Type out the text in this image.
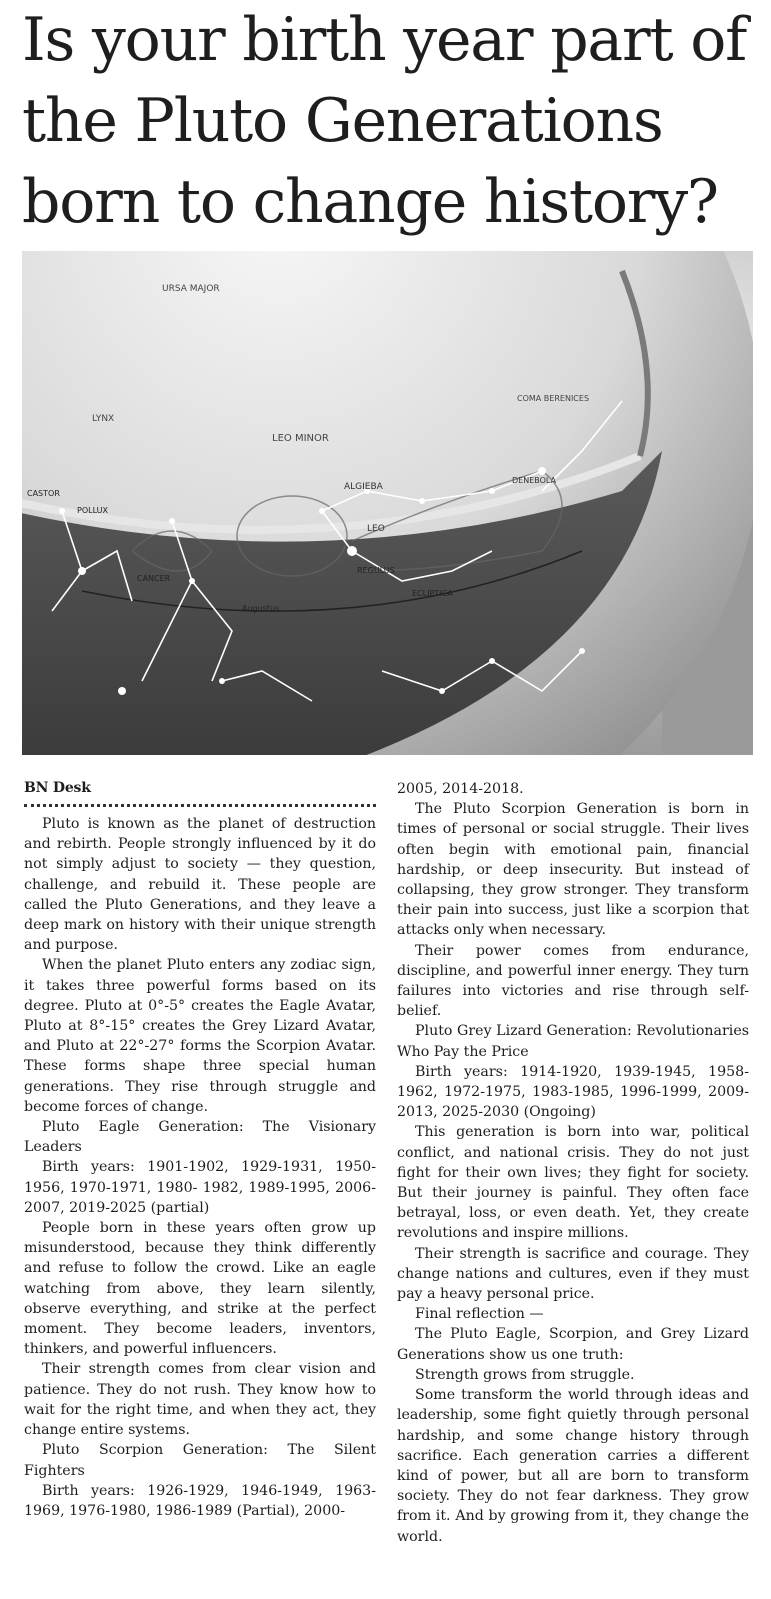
Is your birth year part of the Pluto Generations born to change history?
URSA MAJOR
LYNX
LEO MINOR
COMA BERENICES
ALGIEBA
DENEBOLA
LEO
REGULUS
ECLIPTICA
CANCER
POLLUX
CASTOR
Augustus
BN Desk

Pluto is known as the planet of destruction and rebirth. People strongly influenced by it do not simply adjust to society — they question, challenge, and rebuild it. These people are called the Pluto Generations, and they leave a deep mark on history with their unique strength and purpose.

When the planet Pluto enters any zodiac sign, it takes three powerful forms based on its degree. Pluto at 0°-5° creates the Eagle Avatar, Pluto at 8°-15° creates the Grey Lizard Avatar, and Pluto at 22°-27° forms the Scorpion Avatar. These forms shape three special human generations. They rise through struggle and become forces of change.

Pluto Eagle Generation: The Visionary Leaders

Birth years: 1901-1902, 1929-1931, 1950-1956, 1970-1971, 1980- 1982, 1989-1995, 2006-2007, 2019-2025 (partial)

People born in these years often grow up misunderstood, because they think differently and refuse to follow the crowd. Like an eagle watching from above, they learn silently, observe everything, and strike at the perfect moment. They become leaders, inventors, thinkers, and powerful influencers.

Their strength comes from clear vision and patience. They do not rush. They know how to wait for the right time, and when they act, they change entire systems.

Pluto Scorpion Generation: The Silent Fighters

Birth years: 1926-1929, 1946-1949, 1963-1969, 1976-1980, 1986-1989 (Partial), 2000-

2005, 2014-2018.

The Pluto Scorpion Generation is born in times of personal or social struggle. Their lives often begin with emotional pain, financial hardship, or deep insecurity. But instead of collapsing, they grow stronger. They transform their pain into success, just like a scorpion that attacks only when necessary.

Their power comes from endurance, discipline, and powerful inner energy. They turn failures into victories and rise through self-belief.

Pluto Grey Lizard Generation: Revolutionaries Who Pay the Price

Birth years: 1914-1920, 1939-1945, 1958-1962, 1972-1975, 1983-1985, 1996-1999, 2009-2013, 2025-2030 (Ongoing)

This generation is born into war, political conflict, and national crisis. They do not just fight for their own lives; they fight for society. But their journey is painful. They often face betrayal, loss, or even death. Yet, they create revolutions and inspire millions.

Their strength is sacrifice and courage. They change nations and cultures, even if they must pay a heavy personal price.

Final reflection —

The Pluto Eagle, Scorpion, and Grey Lizard Generations show us one truth:

Strength grows from struggle.

Some transform the world through ideas and leadership, some fight quietly through personal hardship, and some change history through sacrifice. Each generation carries a different kind of power, but all are born to transform society. They do not fear darkness. They grow from it. And by growing from it, they change the world.
